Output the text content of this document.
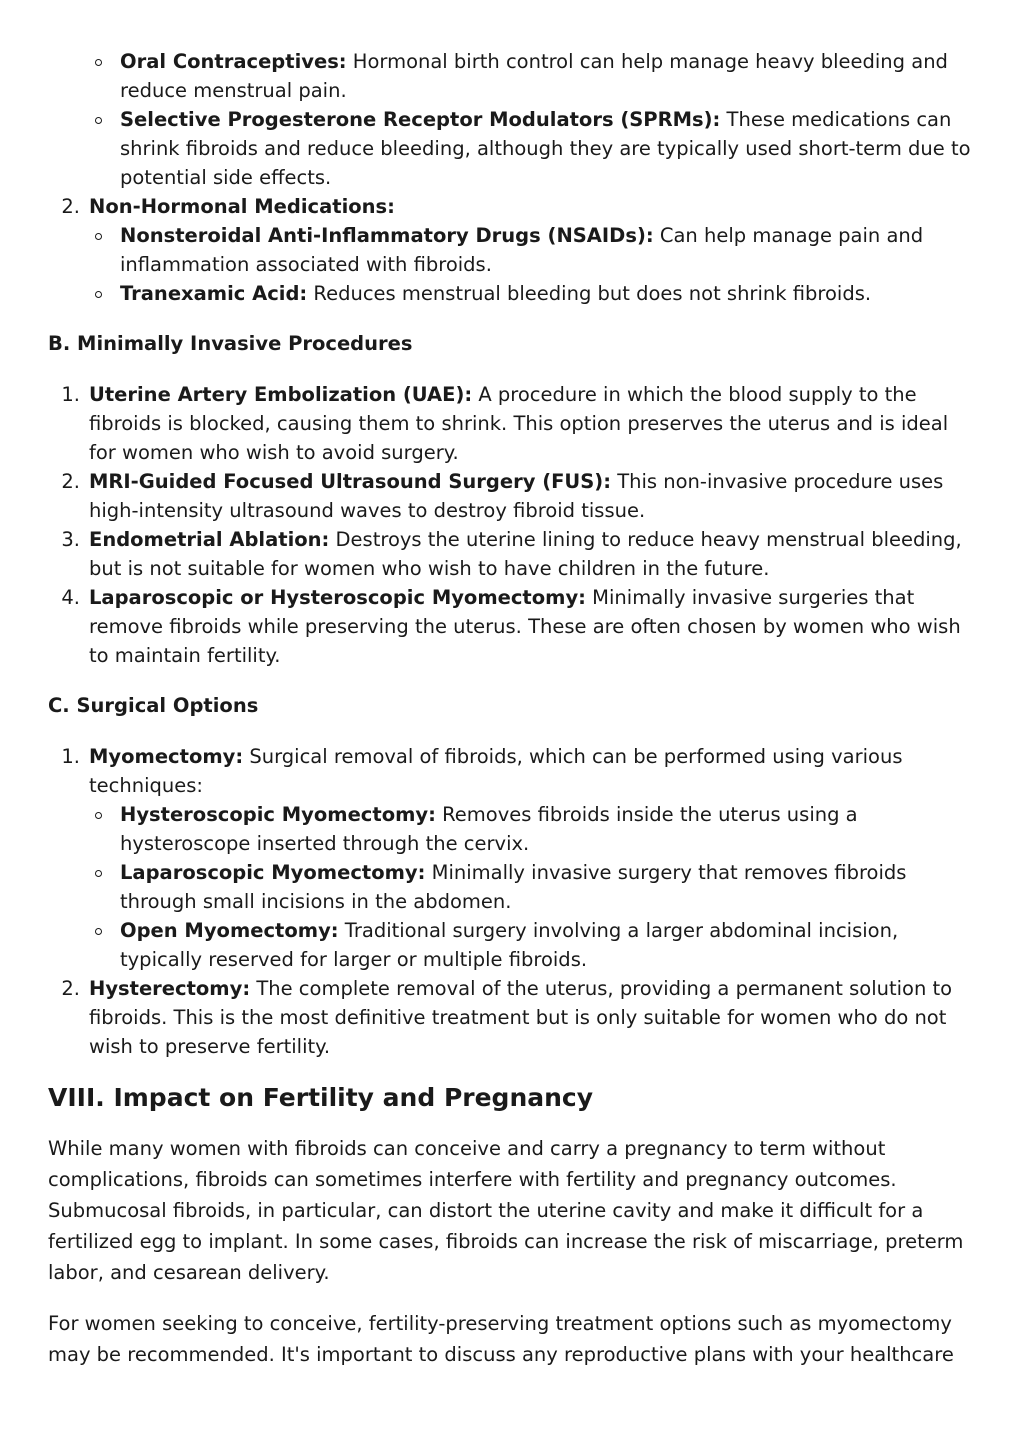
Oral Contraceptives: Hormonal birth control can help manage heavy bleeding and reduce menstrual pain.
Selective Progesterone Receptor Modulators (SPRMs): These medications can shrink fibroids and reduce bleeding, although they are typically used short-term due to potential side effects.
2. Non-Hormonal Medications:
Nonsteroidal Anti-Inflammatory Drugs (NSAIDs): Can help manage pain and inflammation associated with fibroids.
Tranexamic Acid: Reduces menstrual bleeding but does not shrink fibroids.
B. Minimally Invasive Procedures
1. Uterine Artery Embolization (UAE): A procedure in which the blood supply to the fibroids is blocked, causing them to shrink. This option preserves the uterus and is ideal for women who wish to avoid surgery.
2. MRI-Guided Focused Ultrasound Surgery (FUS): This non-invasive procedure uses high-intensity ultrasound waves to destroy fibroid tissue.
3. Endometrial Ablation: Destroys the uterine lining to reduce heavy menstrual bleeding, but is not suitable for women who wish to have children in the future.
4. Laparoscopic or Hysteroscopic Myomectomy: Minimally invasive surgeries that remove fibroids while preserving the uterus. These are often chosen by women who wish to maintain fertility.
C. Surgical Options
1. Myomectomy: Surgical removal of fibroids, which can be performed using various techniques:
Hysteroscopic Myomectomy: Removes fibroids inside the uterus using a hysteroscope inserted through the cervix.
Laparoscopic Myomectomy: Minimally invasive surgery that removes fibroids through small incisions in the abdomen.
Open Myomectomy: Traditional surgery involving a larger abdominal incision, typically reserved for larger or multiple fibroids.
2. Hysterectomy: The complete removal of the uterus, providing a permanent solution to fibroids. This is the most definitive treatment but is only suitable for women who do not wish to preserve fertility.
VIII. Impact on Fertility and Pregnancy

While many women with fibroids can conceive and carry a pregnancy to term without complications, fibroids can sometimes interfere with fertility and pregnancy outcomes. Submucosal fibroids, in particular, can distort the uterine cavity and make it difficult for a fertilized egg to implant. In some cases, fibroids can increase the risk of miscarriage, preterm labor, and cesarean delivery.

For women seeking to conceive, fertility-preserving treatment options such as myomectomy may be recommended. It's important to discuss any reproductive plans with your healthcare
